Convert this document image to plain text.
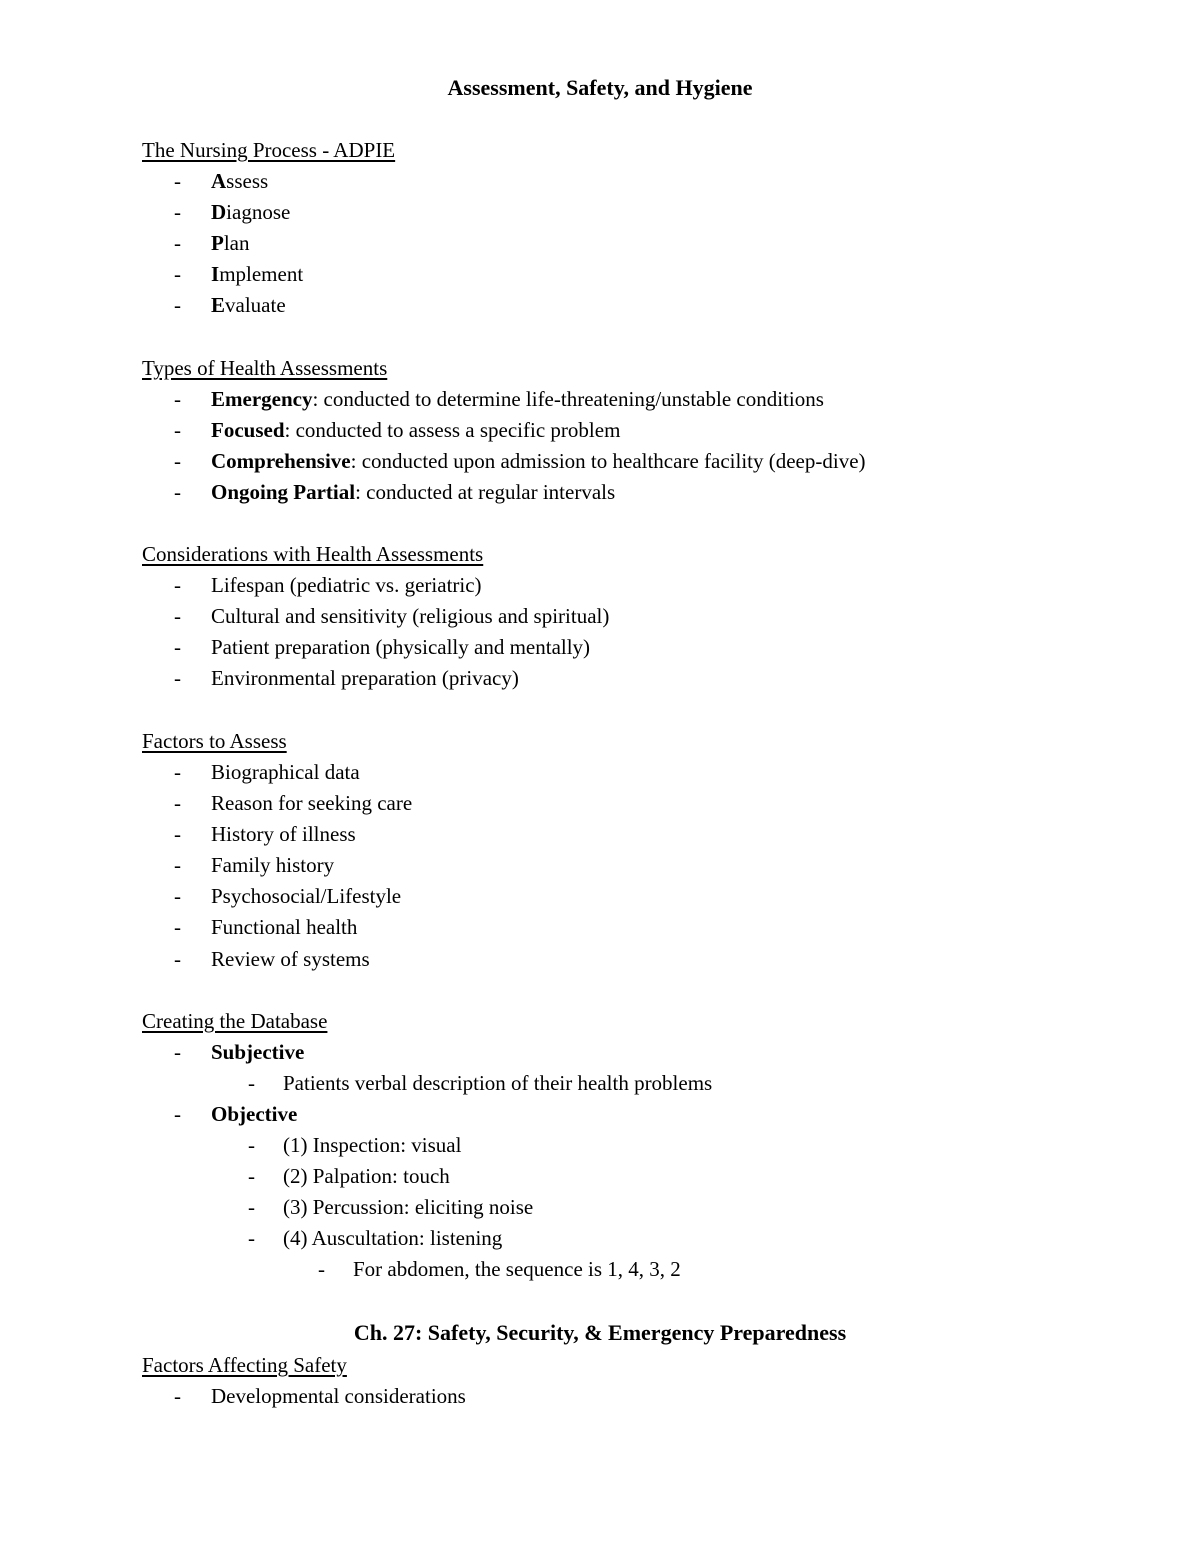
Assessment, Safety, and Hygiene
The Nursing Process - ADPIE
- Assess
- Diagnose
- Plan
- Implement
- Evaluate
Types of Health Assessments
- Emergency: conducted to determine life-threatening/unstable conditions
- Focused: conducted to assess a specific problem
- Comprehensive: conducted upon admission to healthcare facility (deep-dive)
- Ongoing Partial: conducted at regular intervals
Considerations with Health Assessments
- Lifespan (pediatric vs. geriatric)
- Cultural and sensitivity (religious and spiritual)
- Patient preparation (physically and mentally)
- Environmental preparation (privacy)
Factors to Assess
- Biographical data
- Reason for seeking care
- History of illness
- Family history
- Psychosocial/Lifestyle
- Functional health
- Review of systems
Creating the Database
- Subjective
- Patients verbal description of their health problems
- Objective
- (1) Inspection: visual
- (2) Palpation: touch
- (3) Percussion: eliciting noise
- (4) Auscultation: listening
- For abdomen, the sequence is 1, 4, 3, 2
Ch. 27: Safety, Security, & Emergency Preparedness
Factors Affecting Safety
- Developmental considerations
